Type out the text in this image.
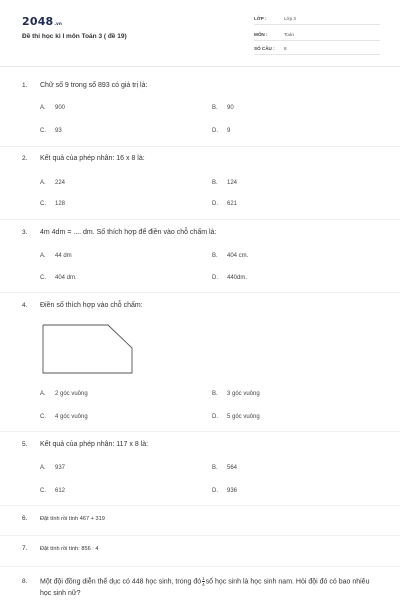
2048.vn
Đề thi học kì I môn Toán 3 ( đề 19)
LỚP :	Lớp 3
MÔN :	Toán
SỐ CÂU : 8
1. Chữ số 9 trong số 893 có giá trị là:
A. 900	B. 90
C. 93	D. 9
2. Kết quả của phép nhân: 16 x 8 là:
A. 224	B. 124
C. 128	D. 621
3. 4m 4dm = .... dm. Số thích hợp để điền vào chỗ chấm là:
A. 44 dm	B. 404 cm.
C. 404 dm.	D. 440dm.
4. Điền số thích hợp vào chỗ chấm:
A. 2 góc vuông	B. 3 góc vuông
C. 4 góc vuông	D. 5 góc vuông
5. Kết quả của phép nhân: 117 x 8 là:
A. 937	B. 564
C. 612	D. 936
6. Đặt tính rồi tính 467 + 319
7. Đặt tính rồi tính: 856 : 4
8. Một đội đồng diễn thể dục có 448 học sinh, trong đó $\frac{1}{4}$ số học sinh là học sinh nam. Hỏi đội đó có bao nhiêu học sinh nữ?
